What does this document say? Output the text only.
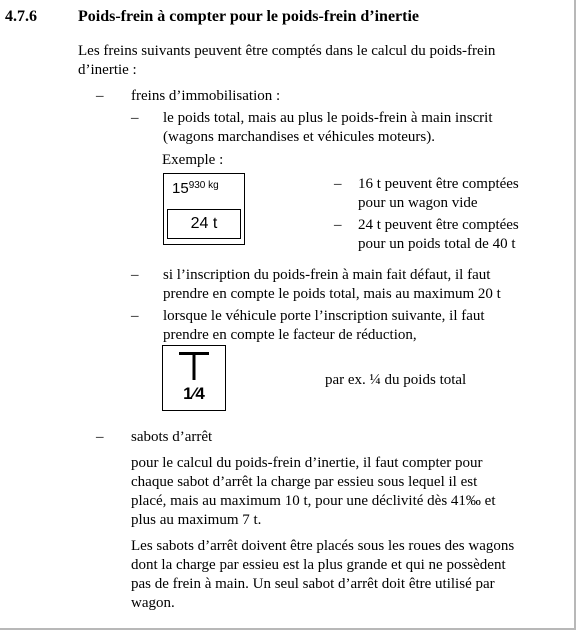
4.7.6	Poids-frein à compter pour le poids-frein d’inertie
Les freins suivants peuvent être comptés dans le calcul du poids-frein
d’inertie :
– freins d’immobilisation :
– le poids total, mais au plus le poids-frein à main inscrit
(wagons marchandises et véhicules moteurs).
Exemple :
$15^{930 kg}$
24 t
– 16 t peuvent être comptées
pour un wagon vide
– 24 t peuvent être comptées
pour un poids total de 40 t
– si l’inscription du poids-frein à main fait défaut, il faut
prendre en compte le poids total, mais au maximum 20 t
– lorsque le véhicule porte l’inscription suivante, il faut
prendre en compte le facteur de réduction,
1⁄4
par ex. ¼ du poids total
– sabots d’arrêt
pour le calcul du poids-frein d’inertie, il faut compter pour
chaque sabot d’arrêt la charge par essieu sous lequel il est
placé, mais au maximum 10 t, pour une déclivité dès 41‰ et
plus au maximum 7 t.
Les sabots d’arrêt doivent être placés sous les roues des wagons
dont la charge par essieu est la plus grande et qui ne possèdent
pas de frein à main. Un seul sabot d’arrêt doit être utilisé par
wagon.
